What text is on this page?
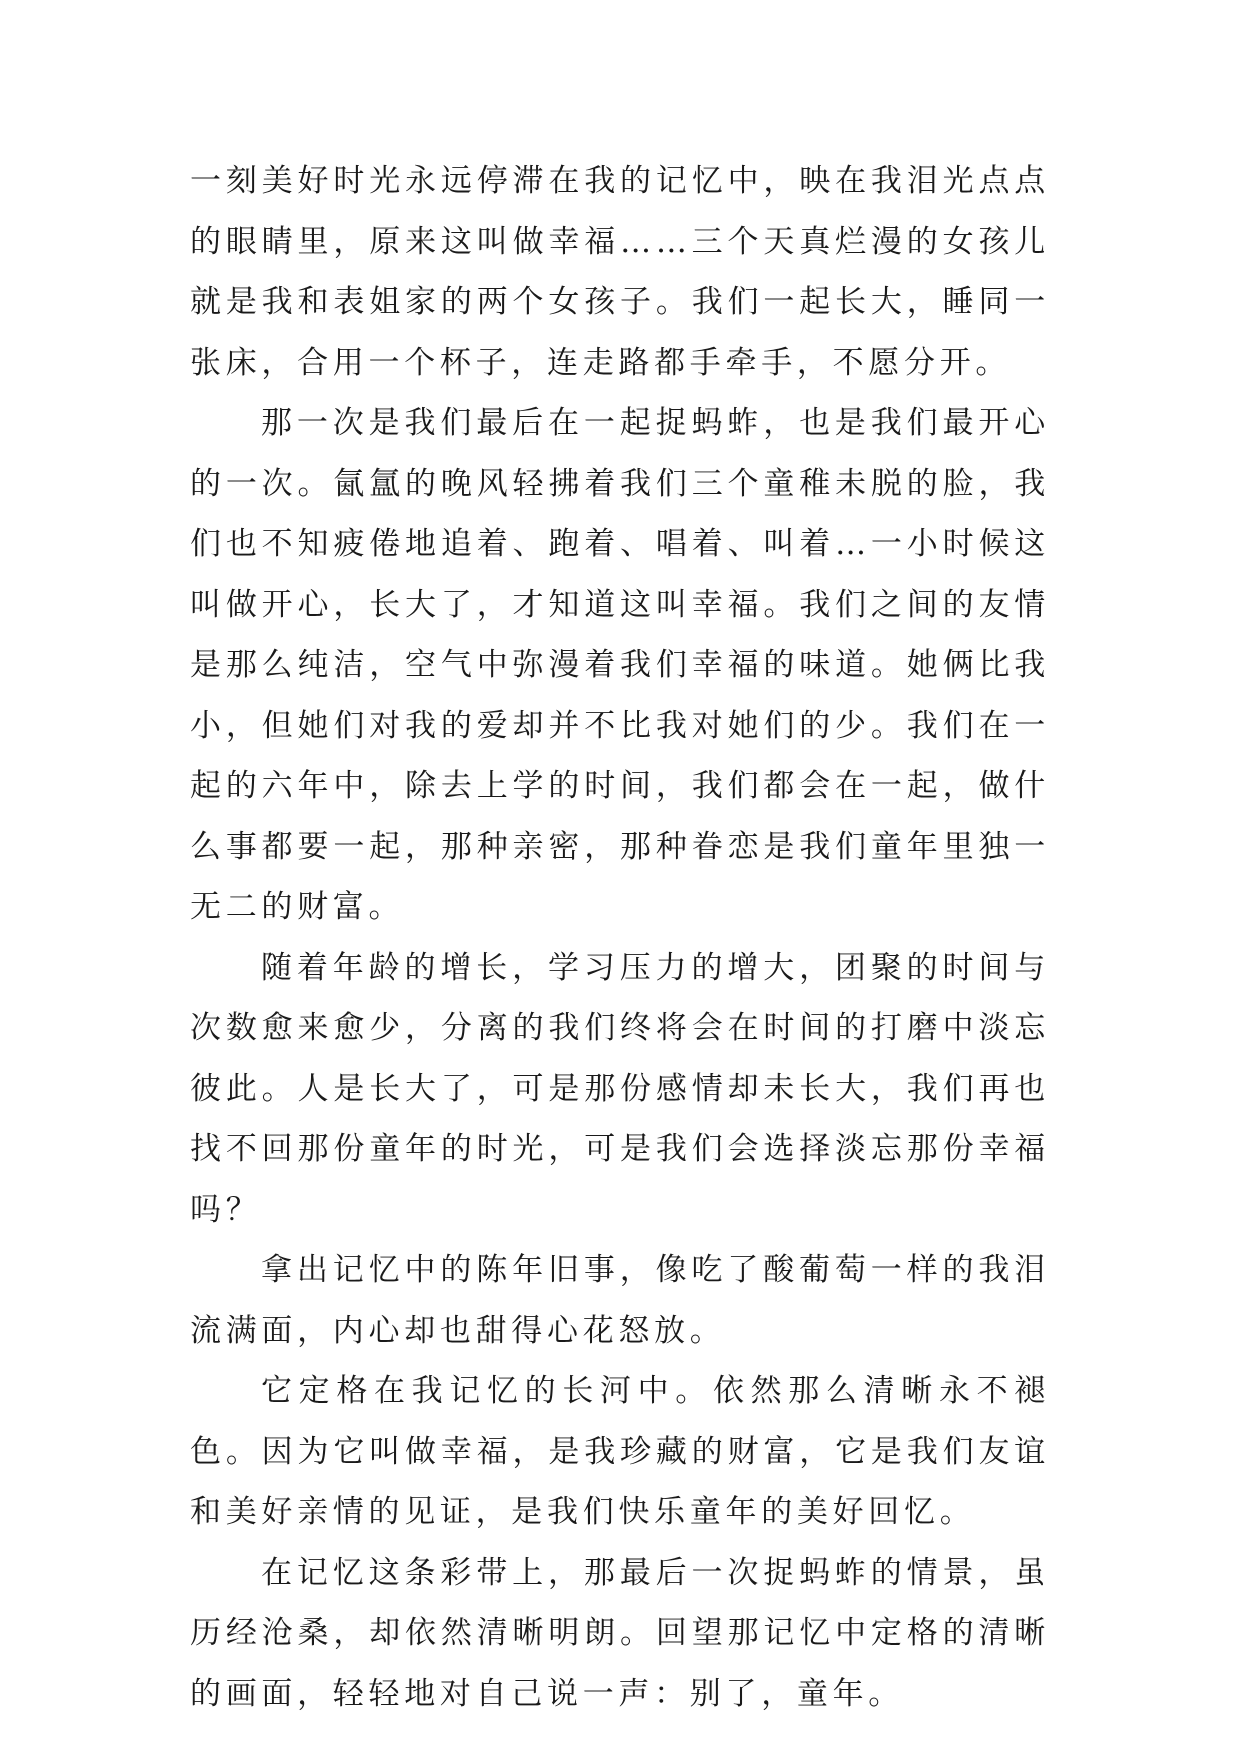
一刻美好时光永远停滞在我的记忆中，映在我泪光点点的眼睛里，原来这叫做幸福……三个天真烂漫的女孩儿就是我和表姐家的两个女孩子。我们一起长大，睡同一张床，合用一个杯子，连走路都手牵手，不愿分开。

那一次是我们最后在一起捉蚂蚱，也是我们最开心的一次。氤氲的晚风轻拂着我们三个童稚未脱的脸，我们也不知疲倦地追着、跑着、唱着、叫着…一小时候这叫做开心，长大了，才知道这叫幸福。我们之间的友情是那么纯洁，空气中弥漫着我们幸福的味道。她俩比我小，但她们对我的爱却并不比我对她们的少。我们在一起的六年中，除去上学的时间，我们都会在一起，做什么事都要一起，那种亲密，那种眷恋是我们童年里独一无二的财富。

随着年龄的增长，学习压力的增大，团聚的时间与次数愈来愈少，分离的我们终将会在时间的打磨中淡忘彼此。人是长大了，可是那份感情却未长大，我们再也找不回那份童年的时光，可是我们会选择淡忘那份幸福吗？

拿出记忆中的陈年旧事，像吃了酸葡萄一样的我泪流满面，内心却也甜得心花怒放。

它定格在我记忆的长河中。依然那么清晰永不褪色。因为它叫做幸福，是我珍藏的财富，它是我们友谊和美好亲情的见证，是我们快乐童年的美好回忆。

在记忆这条彩带上，那最后一次捉蚂蚱的情景，虽历经沧桑，却依然清晰明朗。回望那记忆中定格的清晰的画面，轻轻地对自己说一声：别了，童年。
